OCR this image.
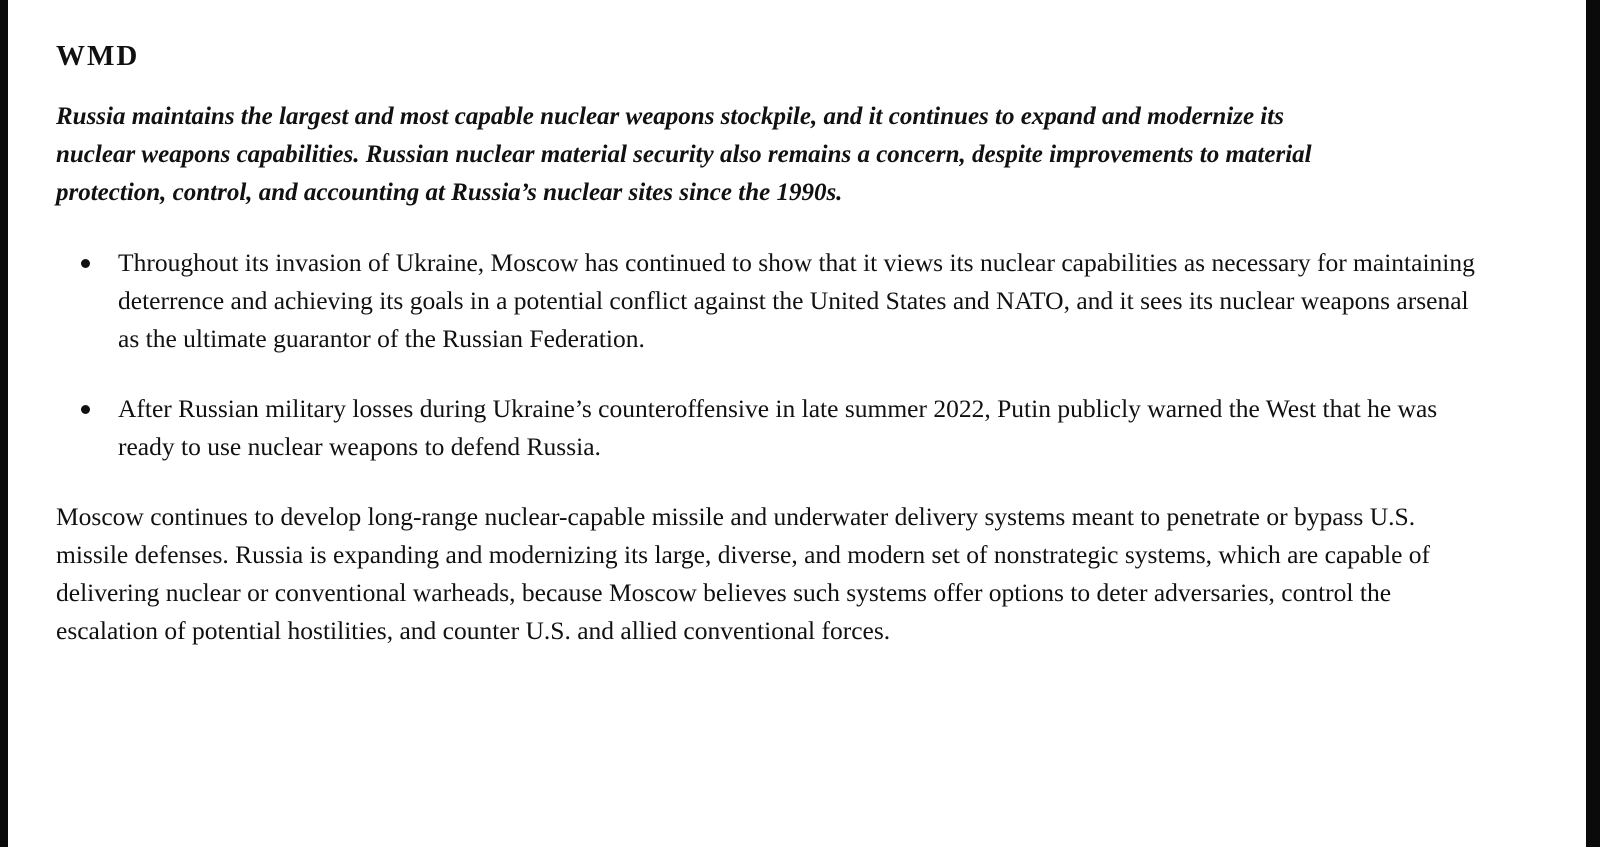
WMD

Russia maintains the largest and most capable nuclear weapons stockpile, and it continues to expand and modernize its nuclear weapons capabilities. Russian nuclear material security also remains a concern, despite improvements to material protection, control, and accounting at Russia’s nuclear sites since the 1990s.

Throughout its invasion of Ukraine, Moscow has continued to show that it views its nuclear capabilities as necessary for maintaining deterrence and achieving its goals in a potential conflict against the United States and NATO, and it sees its nuclear weapons arsenal as the ultimate guarantor of the Russian Federation.
After Russian military losses during Ukraine’s counteroffensive in late summer 2022, Putin publicly warned the West that he was ready to use nuclear weapons to defend Russia.

Moscow continues to develop long-range nuclear-capable missile and underwater delivery systems meant to penetrate or bypass U.S. missile defenses. Russia is expanding and modernizing its large, diverse, and modern set of nonstrategic systems, which are capable of delivering nuclear or conventional warheads, because Moscow believes such systems offer options to deter adversaries, control the escalation of potential hostilities, and counter U.S. and allied conventional forces.
